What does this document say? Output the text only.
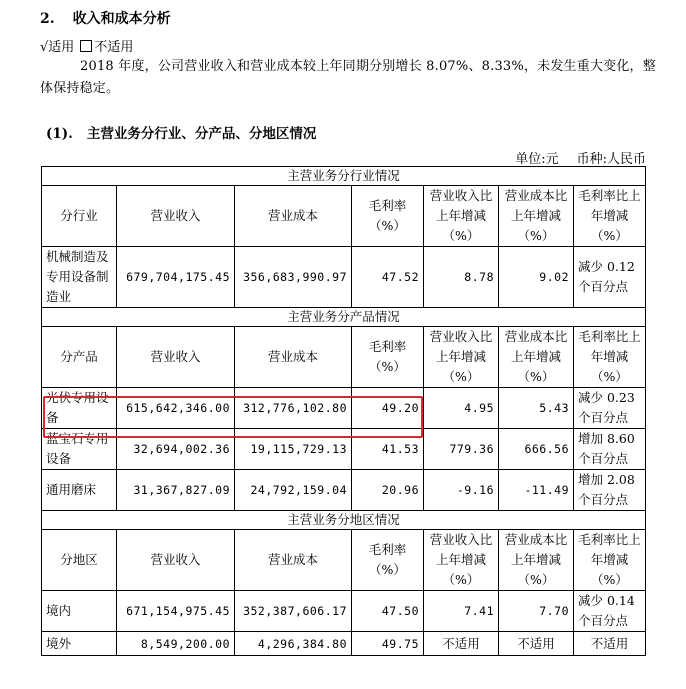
2. 收入和成本分析
√适用 不适用
2018 年度，公司营业收入和营业成本较上年同期分别增长 8.07%、8.33%，未发生重大变化，整体保持稳定。
(1). 主营业务分行业、分产品、分地区情况
单位:元 币种:人民币
主营业务分行业情况						
分行业	营业收入	营业成本	毛利率（%）	营业收入比上年增减（%）	营业成本比上年增减（%）	毛利率比上年增减（%）
机械制造及专用设备制造业	679,704,175.45	356,683,990.97	47.52	8.78	9.02	减少 0.12 个百分点
主营业务分产品情况						
分产品	营业收入	营业成本	毛利率（%）	营业收入比上年增减（%）	营业成本比上年增减（%）	毛利率比上年增减（%）
光伏专用设备	615,642,346.00	312,776,102.80	49.20	4.95	5.43	减少 0.23 个百分点
蓝宝石专用设备	32,694,002.36	19,115,729.13	41.53	779.36	666.56	增加 8.60 个百分点
通用磨床	31,367,827.09	24,792,159.04	20.96	-9.16	-11.49	增加 2.08 个百分点
主营业务分地区情况						
分地区	营业收入	营业成本	毛利率（%）	营业收入比上年增减（%）	营业成本比上年增减（%）	毛利率比上年增减（%）
境内	671,154,975.45	352,387,606.17	47.50	7.41	7.70	减少 0.14 个百分点
境外	8,549,200.00	4,296,384.80	49.75	不适用	不适用	不适用
